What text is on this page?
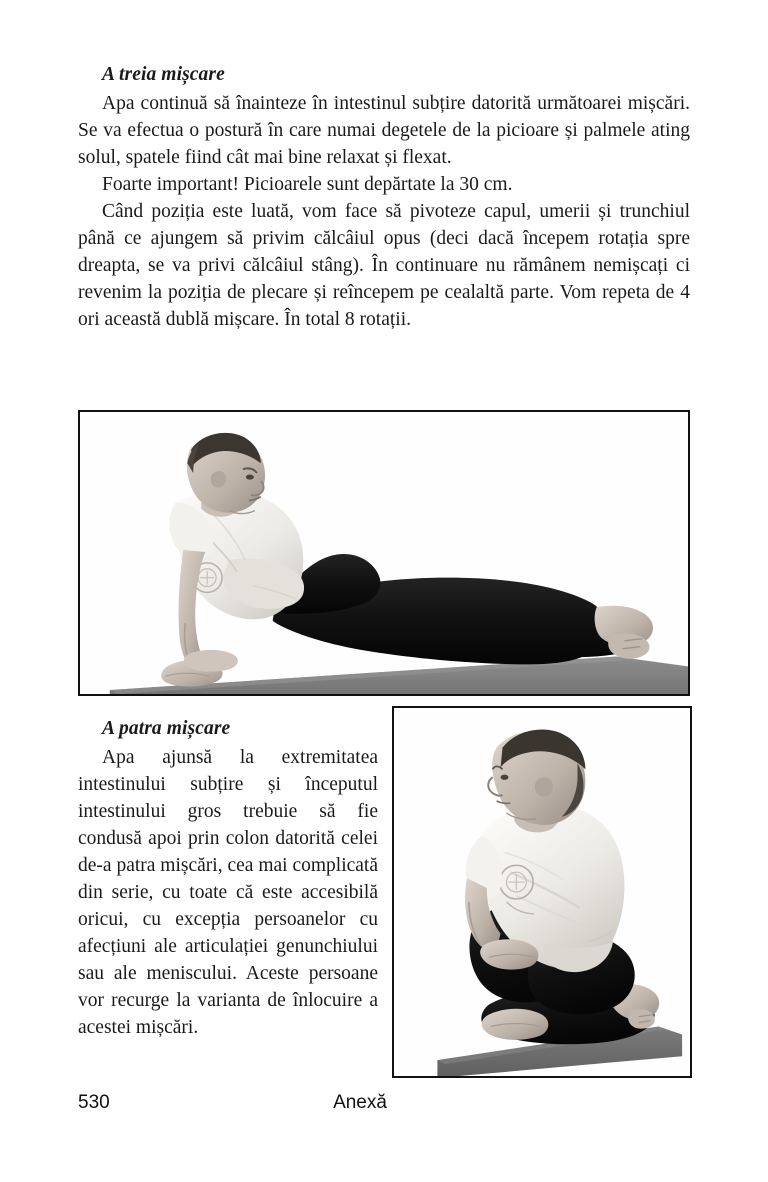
A treia mișcare

Apa continuă să înainteze în intestinul subțire datorită următoarei mișcări. Se va efectua o postură în care numai degetele de la picioare și palmele ating solul, spatele fiind cât mai bine relaxat și flexat.

Foarte important! Picioarele sunt depărtate la 30 cm.

Când poziția este luată, vom face să pivoteze capul, umerii și trunchiul până ce ajungem să privim călcâiul opus (deci dacă începem rotația spre dreapta, se va privi călcâiul stâng). În continuare nu rămânem nemișcați ci revenim la poziția de plecare și reîncepem pe cealaltă parte. Vom repeta de 4 ori această dublă mișcare. În total 8 rotații.

A patra mișcare

Apa ajunsă la extremitatea intestinului subțire și începutul intestinului gros trebuie să fie condusă apoi prin colon datorită celei de-a patra mișcări, cea mai complicată din serie, cu toate că este accesibilă oricui, cu excepția persoanelor cu afecțiuni ale articulației genunchiului sau ale meniscului. Aceste persoane vor recurge la varianta de înlocuire a acestei mișcări.

530	Anexă
